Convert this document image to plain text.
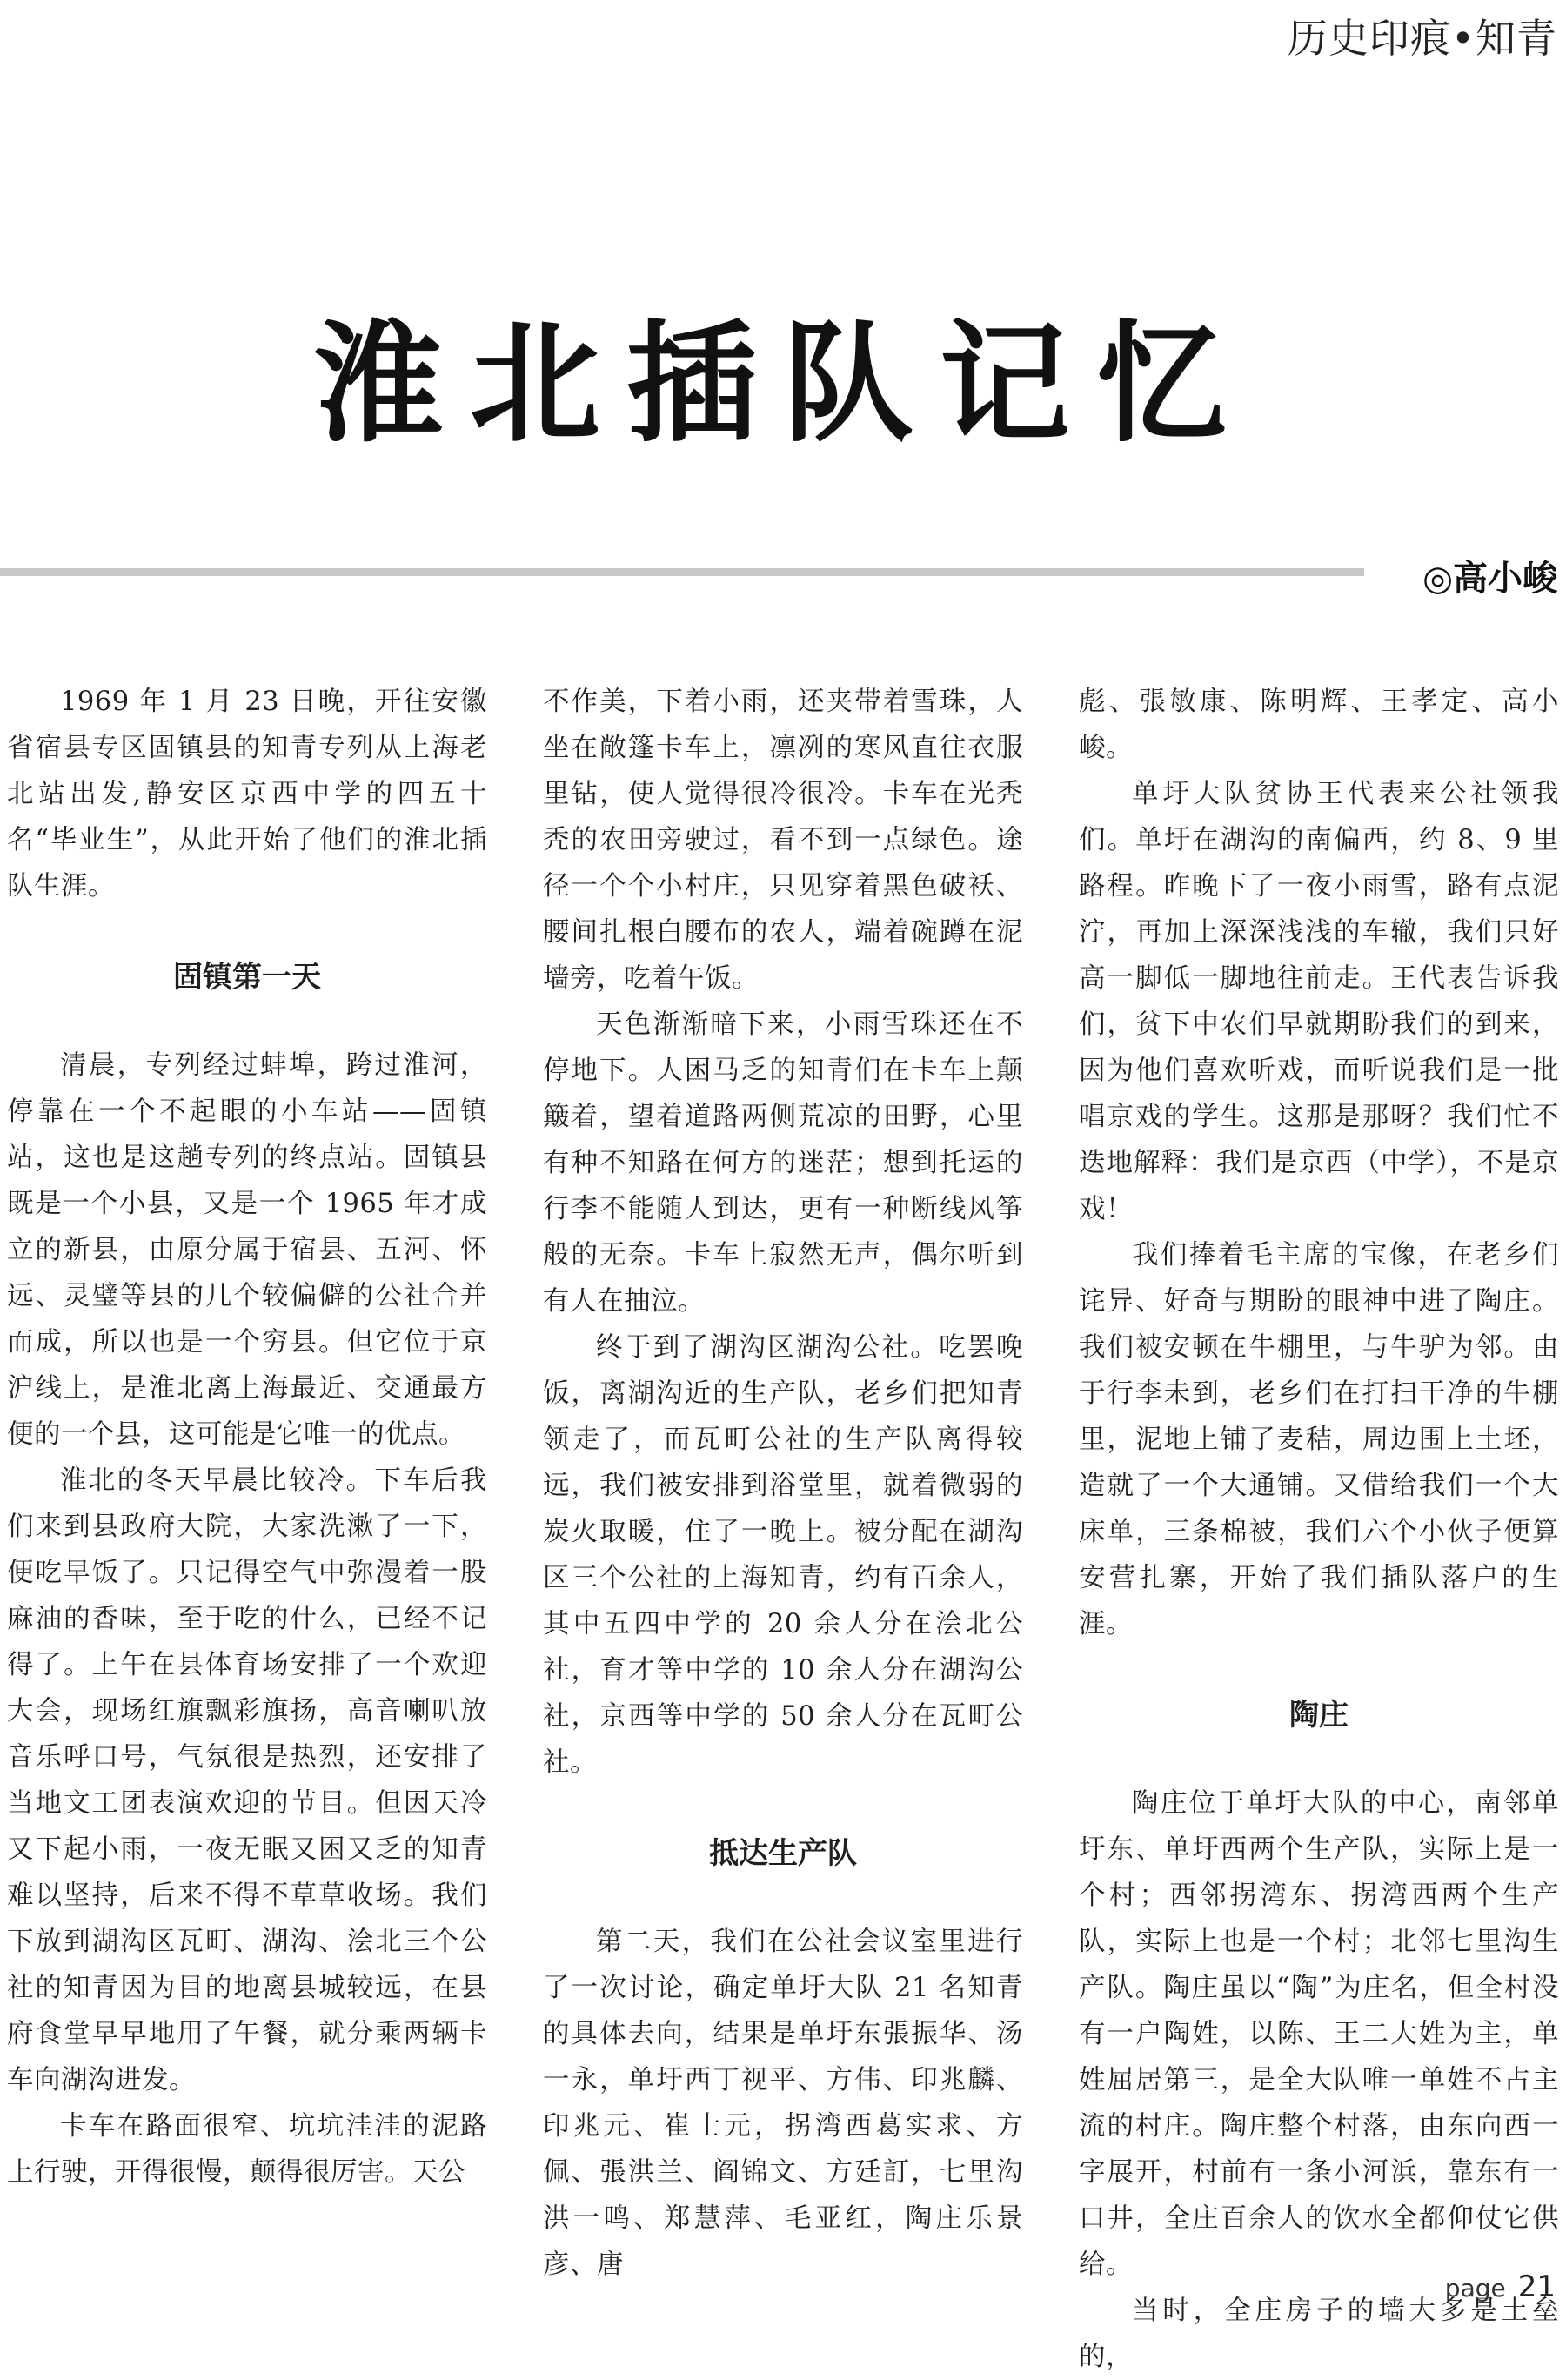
历史印痕•知青
淮北插队记忆
◎高小峻

1969 年 1 月 23 日晚，开往安徽省宿县专区固镇县的知青专列从上海老北站出发,静安区京西中学的四五十名“毕业生”，从此开始了他们的淮北插队生涯。

固镇第一天

清晨，专列经过蚌埠，跨过淮河，停靠在一个不起眼的小车站——固镇站，这也是这趟专列的终点站。固镇县既是一个小县，又是一个 1965 年才成立的新县，由原分属于宿县、五河、怀远、灵璧等县的几个较偏僻的公社合并而成，所以也是一个穷县。但它位于京沪线上，是淮北离上海最近、交通最方便的一个县，这可能是它唯一的优点。

淮北的冬天早晨比较冷。下车后我们来到县政府大院，大家洗漱了一下，便吃早饭了。只记得空气中弥漫着一股麻油的香味，至于吃的什么，已经不记得了。上午在县体育场安排了一个欢迎大会，现场红旗飘彩旗扬，高音喇叭放音乐呼口号，气氛很是热烈，还安排了当地文工团表演欢迎的节目。但因天冷又下起小雨，一夜无眠又困又乏的知青难以坚持，后来不得不草草收场。我们下放到湖沟区瓦町、湖沟、浍北三个公社的知青因为目的地离县城较远，在县府食堂早早地用了午餐，就分乘两辆卡车向湖沟进发。

卡车在路面很窄、坑坑洼洼的泥路上行驶，开得很慢，颠得很厉害。天公

不作美，下着小雨，还夹带着雪珠，人坐在敞篷卡车上，凛冽的寒风直往衣服里钻，使人觉得很冷很冷。卡车在光秃秃的农田旁驶过，看不到一点绿色。途径一个个小村庄，只见穿着黑色破袄、腰间扎根白腰布的农人，端着碗蹲在泥墙旁，吃着午饭。

天色渐渐暗下来，小雨雪珠还在不停地下。人困马乏的知青们在卡车上颠簸着，望着道路两侧荒凉的田野，心里有种不知路在何方的迷茫；想到托运的行李不能随人到达，更有一种断线风筝般的无奈。卡车上寂然无声，偶尔听到有人在抽泣。

终于到了湖沟区湖沟公社。吃罢晚饭，离湖沟近的生产队，老乡们把知青领走了，而瓦町公社的生产队离得较远，我们被安排到浴堂里，就着微弱的炭火取暖，住了一晚上。被分配在湖沟区三个公社的上海知青，约有百余人，其中五四中学的 20 余人分在浍北公社，育才等中学的 10 余人分在湖沟公社，京西等中学的 50 余人分在瓦町公社。

抵达生产队

第二天，我们在公社会议室里进行了一次讨论，确定单圩大队 21 名知青的具体去向，结果是单圩东張振华、汤一永，单圩西丁视平、方伟、印兆麟、印兆元、崔士元，拐湾西葛实求、方佩、張洪兰、阎锦文、方廷訂，七里沟洪一鸣、郑慧萍、毛亚红，陶庄乐景彦、唐

彪、張敏康、陈明辉、王孝定、高小峻。

单圩大队贫协王代表来公社领我们。单圩在湖沟的南偏西，约 8、9 里路程。昨晚下了一夜小雨雪，路有点泥泞，再加上深深浅浅的车辙，我们只好高一脚低一脚地往前走。王代表告诉我们，贫下中农们早就期盼我们的到来，因为他们喜欢听戏，而听说我们是一批唱京戏的学生。这那是那呀？我们忙不迭地解释：我们是京西（中学），不是京戏！

我们捧着毛主席的宝像，在老乡们诧异、好奇与期盼的眼神中进了陶庄。我们被安顿在牛棚里，与牛驴为邻。由于行李未到，老乡们在打扫干净的牛棚里，泥地上铺了麦秸，周边围上土坯，造就了一个大通铺。又借给我们一个大床单，三条棉被，我们六个小伙子便算安营扎寨，开始了我们插队落户的生涯。

陶庄

陶庄位于单圩大队的中心，南邻单圩东、单圩西两个生产队，实际上是一个村；西邻拐湾东、拐湾西两个生产队，实际上也是一个村；北邻七里沟生产队。陶庄虽以“陶”为庄名，但全村没有一户陶姓，以陈、王二大姓为主，单姓屈居第三，是全大队唯一单姓不占主流的村庄。陶庄整个村落，由东向西一字展开，村前有一条小河浜，靠东有一口井，全庄百余人的饮水全都仰仗它供给。

当时，全庄房子的墙大多是土垒的，

page 21
